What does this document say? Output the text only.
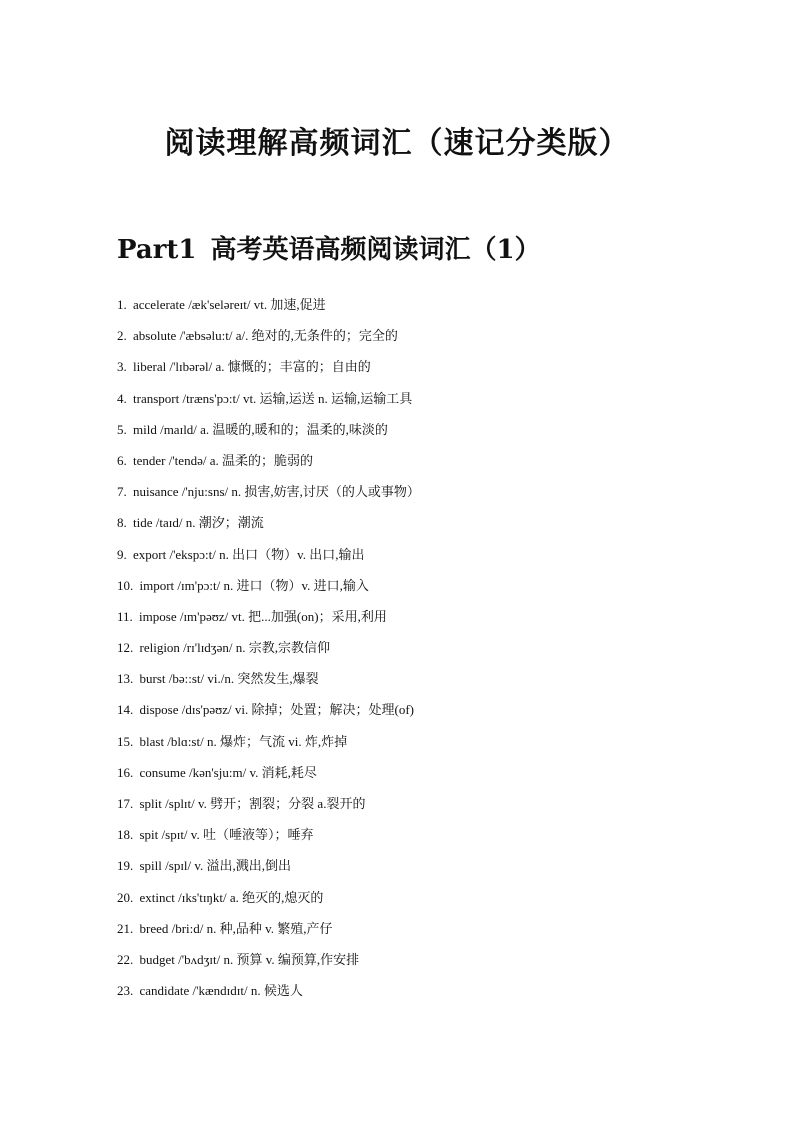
阅读理解高频词汇（速记分类版）
Part1 高考英语高频阅读词汇（1）
1. accelerate /æk'seləreɪt/ vt. 加速,促进
2. absolute /'æbsəlu:t/ a/. 绝对的,无条件的；完全的
3. liberal /'lɪbərəl/ a. 慷慨的；丰富的；自由的
4. transport /træns'pɔ:t/ vt. 运输,运送 n. 运输,运输工具
5. mild /maɪld/ a. 温暖的,暖和的；温柔的,味淡的
6. tender /'tendə/ a. 温柔的；脆弱的
7. nuisance /'nju:sns/ n. 损害,妨害,讨厌（的人或事物）
8. tide /taɪd/ n. 潮汐；潮流
9. export /'ekspɔ:t/ n. 出口（物）v. 出口,输出
10. import /ɪm'pɔ:t/ n. 进口（物）v. 进口,输入
11. impose /ɪm'pəʊz/ vt. 把...加强(on)；采用,利用
12. religion /rɪ'lɪdʒən/ n. 宗教,宗教信仰
13. burst /bə::st/ vi./n. 突然发生,爆裂
14. dispose /dɪs'pəʊz/ vi. 除掉；处置；解决；处理(of)
15. blast /blɑ:st/ n. 爆炸；气流 vi. 炸,炸掉
16. consume /kən'sju:m/ v. 消耗,耗尽
17. split /splɪt/ v. 劈开；割裂；分裂 a.裂开的
18. spit /spɪt/ v. 吐（唾液等）；唾弃
19. spill /spɪl/ v. 溢出,溅出,倒出
20. extinct /ɪks'tɪŋkt/ a. 绝灭的,熄灭的
21. breed /bri:d/ n. 种,品种 v. 繁殖,产仔
22. budget /'bʌdʒɪt/ n. 预算 v. 编预算,作安排
23. candidate /'kændɪdɪt/ n. 候选人
